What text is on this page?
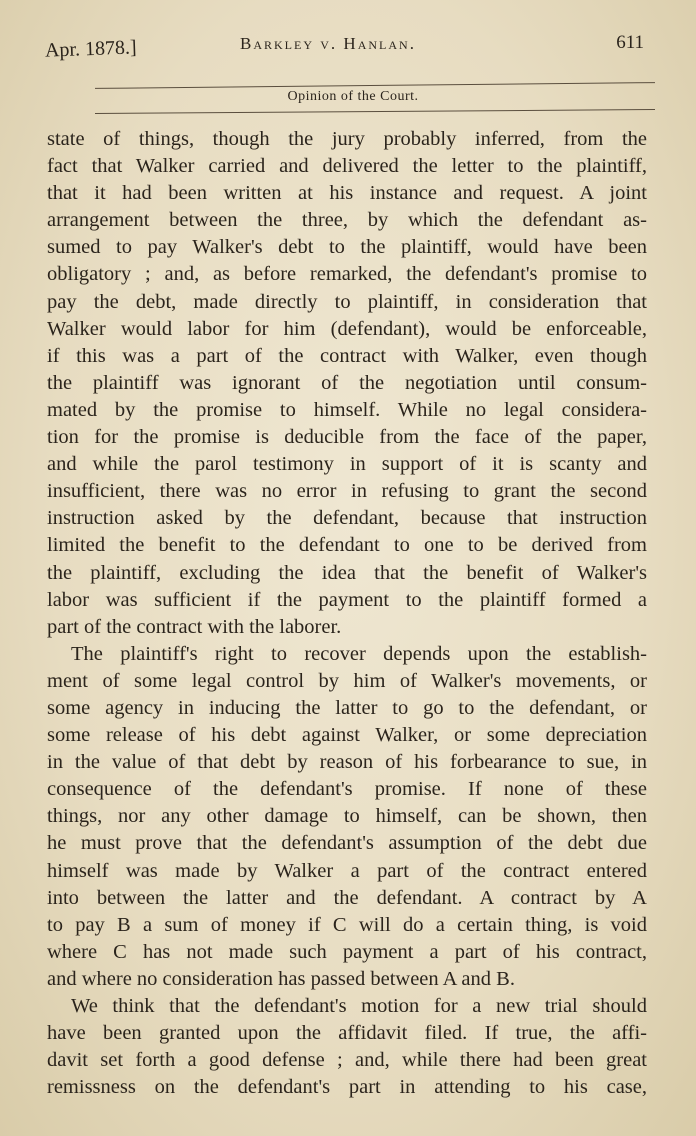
Apr. 1878.]	Barkley v. Hanlan.	611
Opinion of the Court.
state of things, though the jury probably inferred, from the
fact that Walker carried and delivered the letter to the plaintiff,
that it had been written at his instance and request. A joint
arrangement between the three, by which the defendant as-
sumed to pay Walker's debt to the plaintiff, would have been
obligatory ; and, as before remarked, the defendant's promise to
pay the debt, made directly to plaintiff, in consideration that
Walker would labor for him (defendant), would be enforceable,
if this was a part of the contract with Walker, even though
the plaintiff was ignorant of the negotiation until consum-
mated by the promise to himself. While no legal considera-
tion for the promise is deducible from the face of the paper,
and while the parol testimony in support of it is scanty and
insufficient, there was no error in refusing to grant the second
instruction asked by the defendant, because that instruction
limited the benefit to the defendant to one to be derived from
the plaintiff, excluding the idea that the benefit of Walker's
labor was sufficient if the payment to the plaintiff formed a
part of the contract with the laborer.
The plaintiff's right to recover depends upon the establish-
ment of some legal control by him of Walker's movements, or
some agency in inducing the latter to go to the defendant, or
some release of his debt against Walker, or some depreciation
in the value of that debt by reason of his forbearance to sue, in
consequence of the defendant's promise. If none of these
things, nor any other damage to himself, can be shown, then
he must prove that the defendant's assumption of the debt due
himself was made by Walker a part of the contract entered
into between the latter and the defendant. A contract by A
to pay B a sum of money if C will do a certain thing, is void
where C has not made such payment a part of his contract,
and where no consideration has passed between A and B.
We think that the defendant's motion for a new trial should
have been granted upon the affidavit filed. If true, the affi-
davit set forth a good defense ; and, while there had been great
remissness on the defendant's part in attending to his case,
